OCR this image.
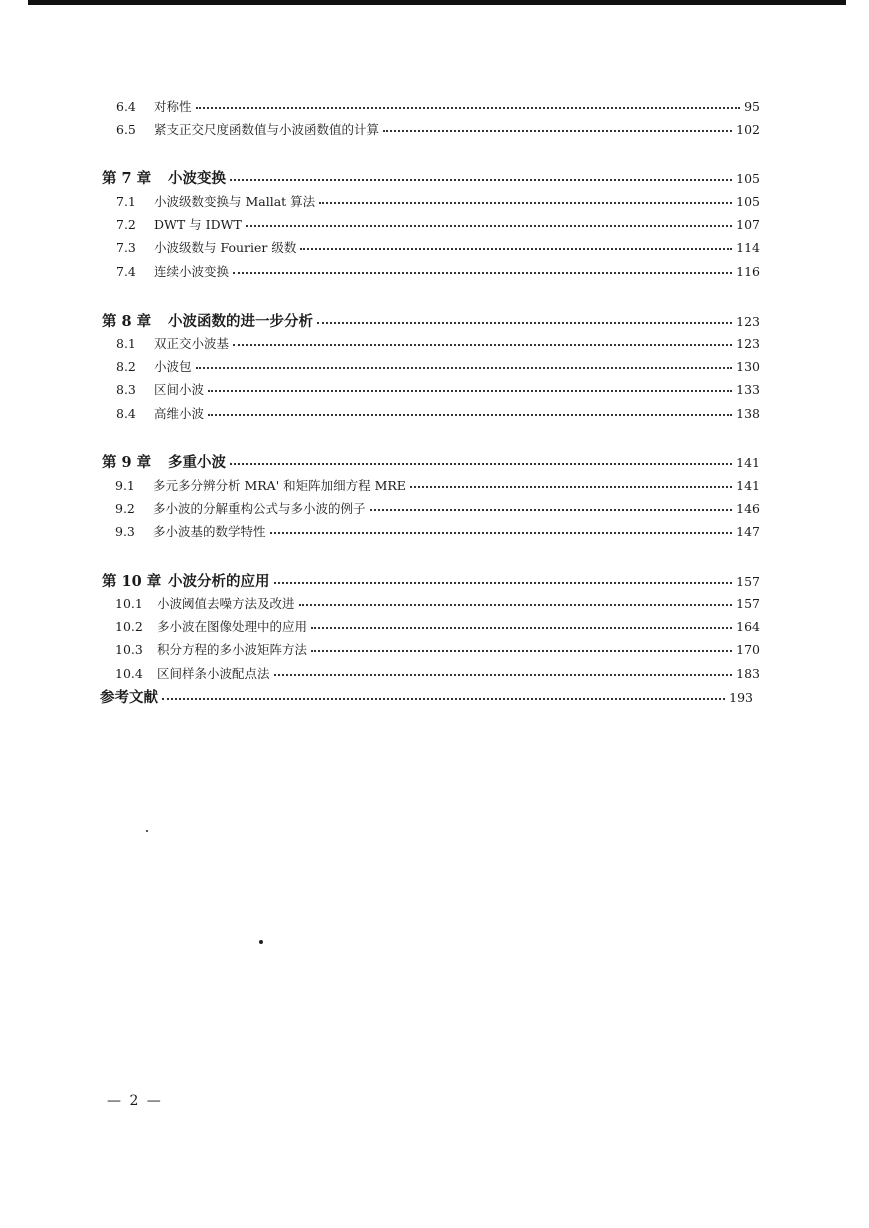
6.4	对称性	95
6.5	紧支正交尺度函数值与小波函数值的计算	102
第 7 章	小波变换	105
7.1	小波级数变换与 Mallat 算法	105
7.2	DWT 与 IDWT	107
7.3	小波级数与 Fourier 级数	114
7.4	连续小波变换	116
第 8 章	小波函数的进一步分析	123
8.1	双正交小波基	123
8.2	小波包	130
8.3	区间小波	133
8.4	高维小波	138
第 9 章	多重小波	141
9.1	多元多分辨分析 MRA' 和矩阵加细方程 MRE	141
9.2	多小波的分解重构公式与多小波的例子	146
9.3	多小波基的数学特性	147
第 10 章 小波分析的应用	157
10.1	小波阈值去噪方法及改进	157
10.2	多小波在图像处理中的应用	164
10.3	积分方程的多小波矩阵方法	170
10.4	区间样条小波配点法	183
参考文献	193
— 2 —
